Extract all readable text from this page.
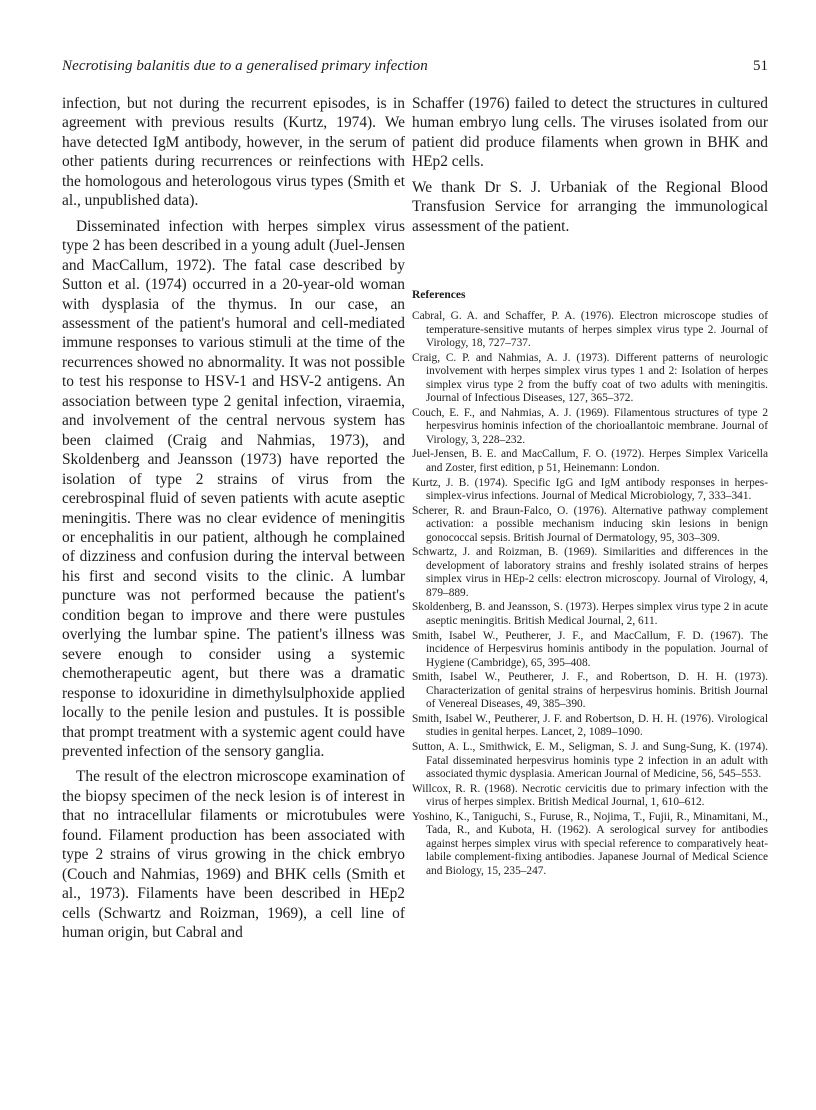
Necrotising balanitis due to a generalised primary infection	51

infection, but not during the recurrent episodes, is in agreement with previous results (Kurtz, 1974). We have detected IgM antibody, however, in the serum of other patients during recurrences or reinfections with the homologous and heterologous virus types (Smith et al., unpublished data).

Disseminated infection with herpes simplex virus type 2 has been described in a young adult (Juel-Jensen and MacCallum, 1972). The fatal case described by Sutton et al. (1974) occurred in a 20-year-old woman with dysplasia of the thymus. In our case, an assessment of the patient's humoral and cell-mediated immune responses to various stimuli at the time of the recurrences showed no abnormality. It was not possible to test his response to HSV-1 and HSV-2 antigens. An association between type 2 genital infection, viraemia, and involvement of the central nervous system has been claimed (Craig and Nahmias, 1973), and Skoldenberg and Jeansson (1973) have reported the isolation of type 2 strains of virus from the cerebrospinal fluid of seven patients with acute aseptic meningitis. There was no clear evidence of meningitis or encephalitis in our patient, although he complained of dizziness and confusion during the interval between his first and second visits to the clinic. A lumbar puncture was not performed because the patient's condition began to improve and there were pustules overlying the lumbar spine. The patient's illness was severe enough to consider using a systemic chemotherapeutic agent, but there was a dramatic response to idoxuridine in dimethylsulphoxide applied locally to the penile lesion and pustules. It is possible that prompt treatment with a systemic agent could have prevented infection of the sensory ganglia.

The result of the electron microscope examination of the biopsy specimen of the neck lesion is of interest in that no intracellular filaments or microtubules were found. Filament production has been associated with type 2 strains of virus growing in the chick embryo (Couch and Nahmias, 1969) and BHK cells (Smith et al., 1973). Filaments have been described in HEp2 cells (Schwartz and Roizman, 1969), a cell line of human origin, but Cabral and

Schaffer (1976) failed to detect the structures in cultured human embryo lung cells. The viruses isolated from our patient did produce filaments when grown in BHK and HEp2 cells.

We thank Dr S. J. Urbaniak of the Regional Blood Transfusion Service for arranging the immunological assessment of the patient.

References
Cabral, G. A. and Schaffer, P. A. (1976). Electron microscope studies of temperature-sensitive mutants of herpes simplex virus type 2. Journal of Virology, 18, 727–737.
Craig, C. P. and Nahmias, A. J. (1973). Different patterns of neurologic involvement with herpes simplex virus types 1 and 2: Isolation of herpes simplex virus type 2 from the buffy coat of two adults with meningitis. Journal of Infectious Diseases, 127, 365–372.
Couch, E. F., and Nahmias, A. J. (1969). Filamentous structures of type 2 herpesvirus hominis infection of the chorioallantoic membrane. Journal of Virology, 3, 228–232.
Juel-Jensen, B. E. and MacCallum, F. O. (1972). Herpes Simplex Varicella and Zoster, first edition, p 51, Heinemann: London.
Kurtz, J. B. (1974). Specific IgG and IgM antibody responses in herpes-simplex-virus infections. Journal of Medical Microbiology, 7, 333–341.
Scherer, R. and Braun-Falco, O. (1976). Alternative pathway complement activation: a possible mechanism inducing skin lesions in benign gonococcal sepsis. British Journal of Dermatology, 95, 303–309.
Schwartz, J. and Roizman, B. (1969). Similarities and differences in the development of laboratory strains and freshly isolated strains of herpes simplex virus in HEp-2 cells: electron microscopy. Journal of Virology, 4, 879–889.
Skoldenberg, B. and Jeansson, S. (1973). Herpes simplex virus type 2 in acute aseptic meningitis. British Medical Journal, 2, 611.
Smith, Isabel W., Peutherer, J. F., and MacCallum, F. D. (1967). The incidence of Herpesvirus hominis antibody in the population. Journal of Hygiene (Cambridge), 65, 395–408.
Smith, Isabel W., Peutherer, J. F., and Robertson, D. H. H. (1973). Characterization of genital strains of herpesvirus hominis. British Journal of Venereal Diseases, 49, 385–390.
Smith, Isabel W., Peutherer, J. F. and Robertson, D. H. H. (1976). Virological studies in genital herpes. Lancet, 2, 1089–1090.
Sutton, A. L., Smithwick, E. M., Seligman, S. J. and Sung-Sung, K. (1974). Fatal disseminated herpesvirus hominis type 2 infection in an adult with associated thymic dysplasia. American Journal of Medicine, 56, 545–553.
Willcox, R. R. (1968). Necrotic cervicitis due to primary infection with the virus of herpes simplex. British Medical Journal, 1, 610–612.
Yoshino, K., Taniguchi, S., Furuse, R., Nojima, T., Fujii, R., Minamitani, M., Tada, R., and Kubota, H. (1962). A serological survey for antibodies against herpes simplex virus with special reference to comparatively heat-labile complement-fixing antibodies. Japanese Journal of Medical Science and Biology, 15, 235–247.
